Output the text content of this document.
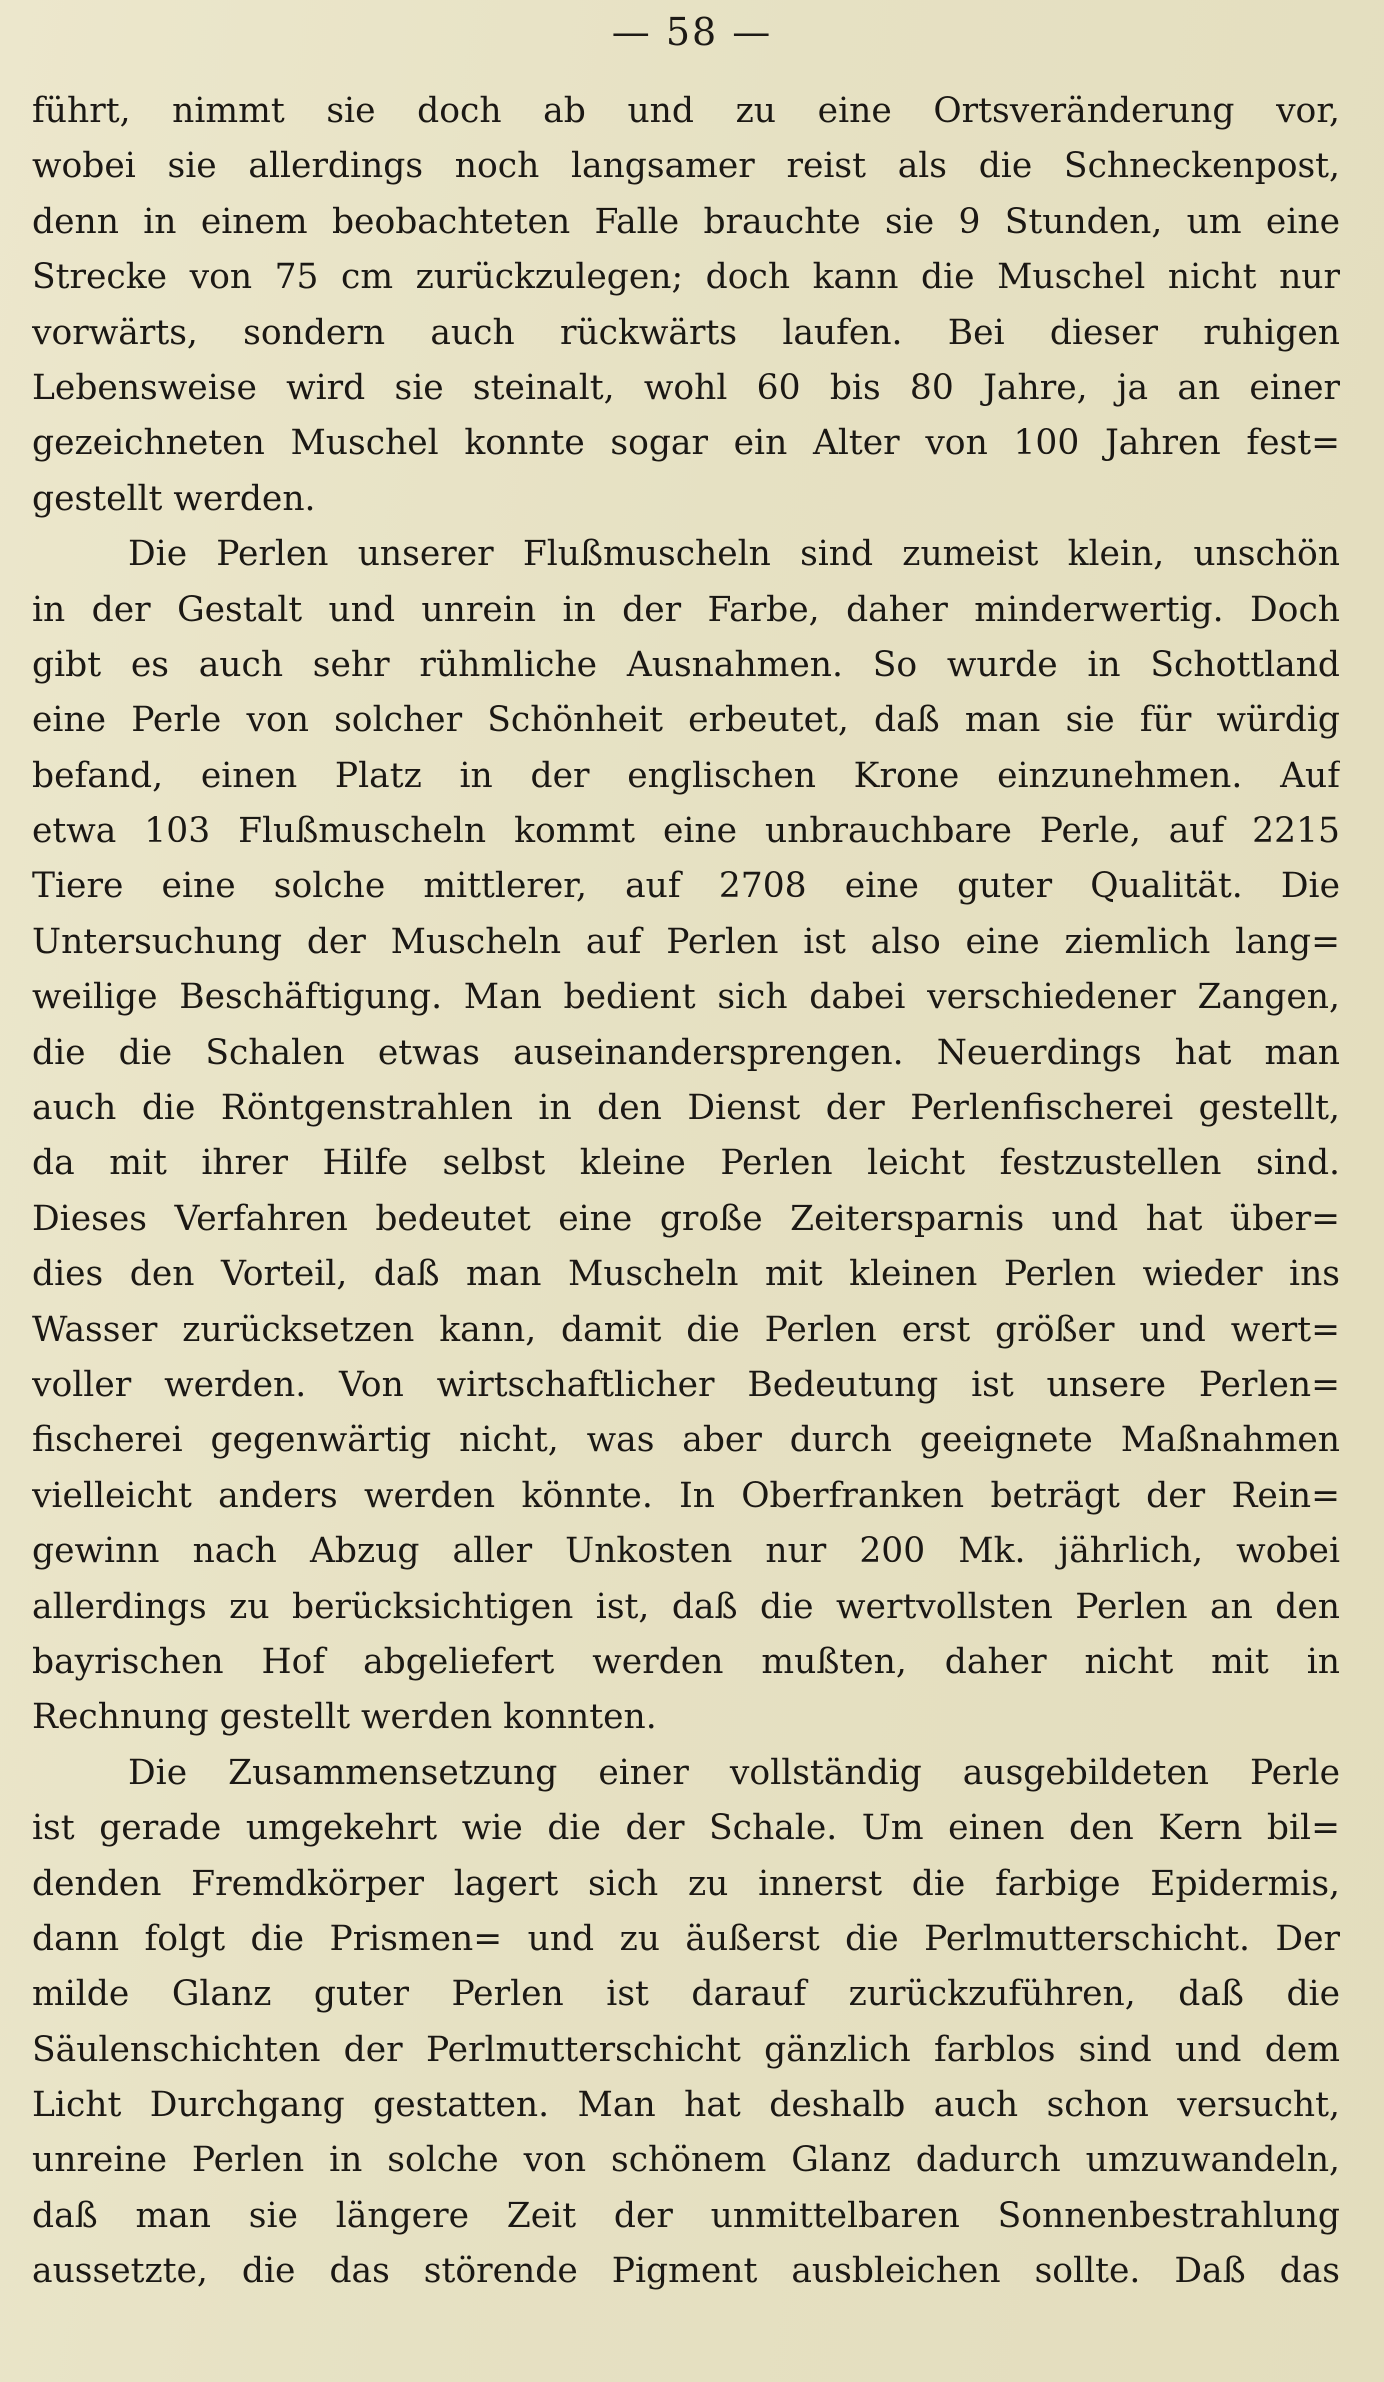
— 58 —
führt, nimmt sie doch ab und zu eine Ortsveränderung vor,
wobei sie allerdings noch langsamer reist als die Schneckenpost,
denn in einem beobachteten Falle brauchte sie 9 Stunden, um eine
Strecke von 75 cm zurückzulegen; doch kann die Muschel nicht nur
vorwärts, sondern auch rückwärts laufen. Bei dieser ruhigen
Lebensweise wird sie steinalt, wohl 60 bis 80 Jahre, ja an einer
gezeichneten Muschel konnte sogar ein Alter von 100 Jahren fest=
gestellt werden.
Die Perlen unserer Flußmuscheln sind zumeist klein, unschön
in der Gestalt und unrein in der Farbe, daher minderwertig. Doch
gibt es auch sehr rühmliche Ausnahmen. So wurde in Schottland
eine Perle von solcher Schönheit erbeutet, daß man sie für würdig
befand, einen Platz in der englischen Krone einzunehmen. Auf
etwa 103 Flußmuscheln kommt eine unbrauchbare Perle, auf 2215
Tiere eine solche mittlerer, auf 2708 eine guter Qualität. Die
Untersuchung der Muscheln auf Perlen ist also eine ziemlich lang=
weilige Beschäftigung. Man bedient sich dabei verschiedener Zangen,
die die Schalen etwas auseinandersprengen. Neuerdings hat man
auch die Röntgenstrahlen in den Dienst der Perlenfischerei gestellt,
da mit ihrer Hilfe selbst kleine Perlen leicht festzustellen sind.
Dieses Verfahren bedeutet eine große Zeitersparnis und hat über=
dies den Vorteil, daß man Muscheln mit kleinen Perlen wieder ins
Wasser zurücksetzen kann, damit die Perlen erst größer und wert=
voller werden. Von wirtschaftlicher Bedeutung ist unsere Perlen=
fischerei gegenwärtig nicht, was aber durch geeignete Maßnahmen
vielleicht anders werden könnte. In Oberfranken beträgt der Rein=
gewinn nach Abzug aller Unkosten nur 200 Mk. jährlich, wobei
allerdings zu berücksichtigen ist, daß die wertvollsten Perlen an den
bayrischen Hof abgeliefert werden mußten, daher nicht mit in
Rechnung gestellt werden konnten.
Die Zusammensetzung einer vollständig ausgebildeten Perle
ist gerade umgekehrt wie die der Schale. Um einen den Kern bil=
denden Fremdkörper lagert sich zu innerst die farbige Epidermis,
dann folgt die Prismen= und zu äußerst die Perlmutterschicht. Der
milde Glanz guter Perlen ist darauf zurückzuführen, daß die
Säulenschichten der Perlmutterschicht gänzlich farblos sind und dem
Licht Durchgang gestatten. Man hat deshalb auch schon versucht,
unreine Perlen in solche von schönem Glanz dadurch umzuwandeln,
daß man sie längere Zeit der unmittelbaren Sonnenbestrahlung
aussetzte, die das störende Pigment ausbleichen sollte. Daß das
